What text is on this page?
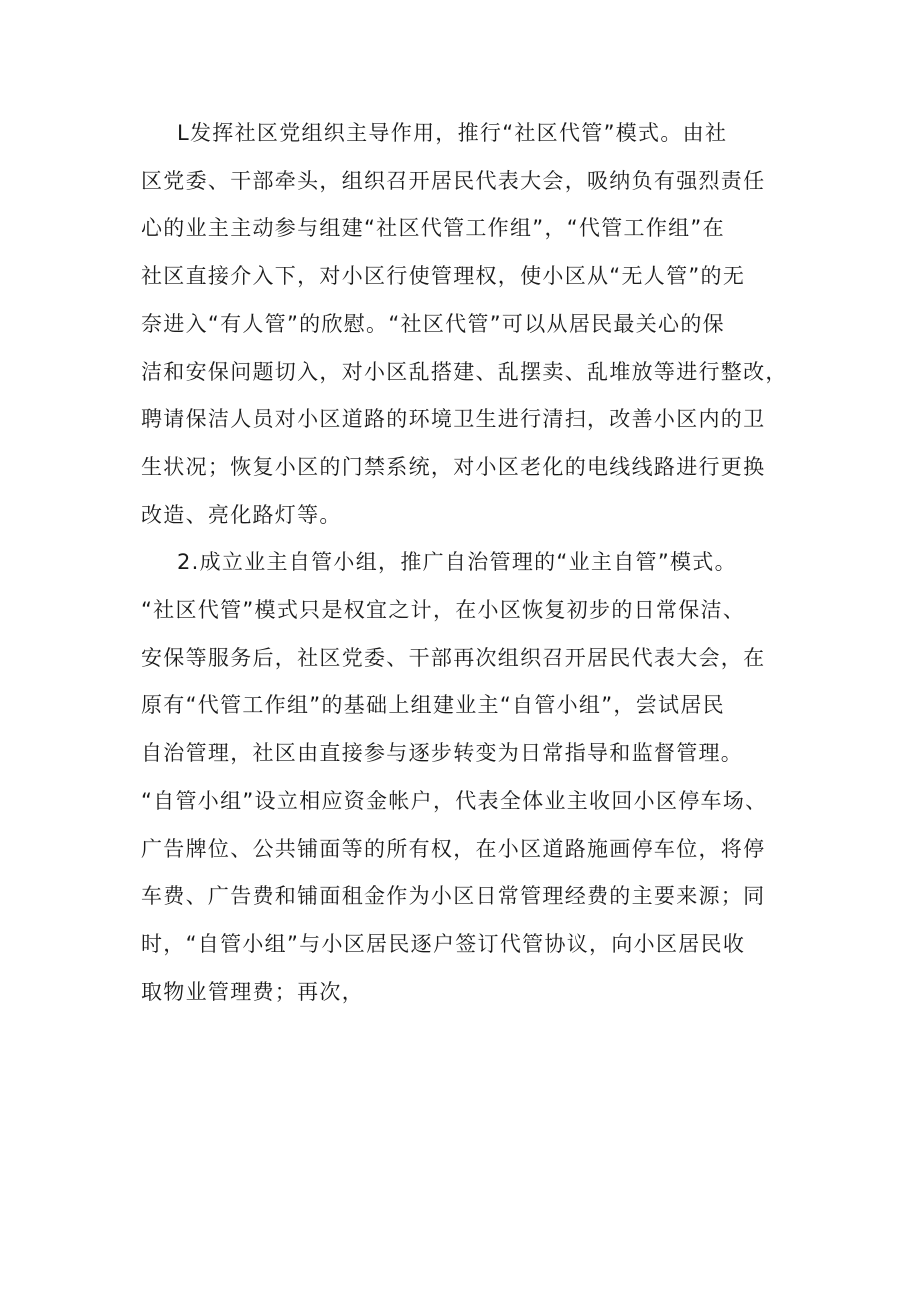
L发挥社区党组织主导作用，推行“社区代管”模式。由社
区党委、干部牵头，组织召开居民代表大会，吸纳负有强烈责任
心的业主主动参与组建“社区代管工作组”，“代管工作组”在
社区直接介入下，对小区行使管理权，使小区从“无人管”的无
奈进入“有人管”的欣慰。“社区代管”可以从居民最关心的保
洁和安保问题切入，对小区乱搭建、乱摆卖、乱堆放等进行整改，
聘请保洁人员对小区道路的环境卫生进行清扫，改善小区内的卫
生状况；恢复小区的门禁系统，对小区老化的电线线路进行更换
改造、亮化路灯等。

2.成立业主自管小组，推广自治管理的“业主自管”模式。
“社区代管”模式只是权宜之计，在小区恢复初步的日常保洁、
安保等服务后，社区党委、干部再次组织召开居民代表大会，在
原有“代管工作组”的基础上组建业主“自管小组”，尝试居民
自治管理，社区由直接参与逐步转变为日常指导和监督管理。
“自管小组”设立相应资金帐户，代表全体业主收回小区停车场、
广告牌位、公共铺面等的所有权，在小区道路施画停车位，将停
车费、广告费和铺面租金作为小区日常管理经费的主要来源；同
时，“自管小组”与小区居民逐户签订代管协议，向小区居民收
取物业管理费；再次，
